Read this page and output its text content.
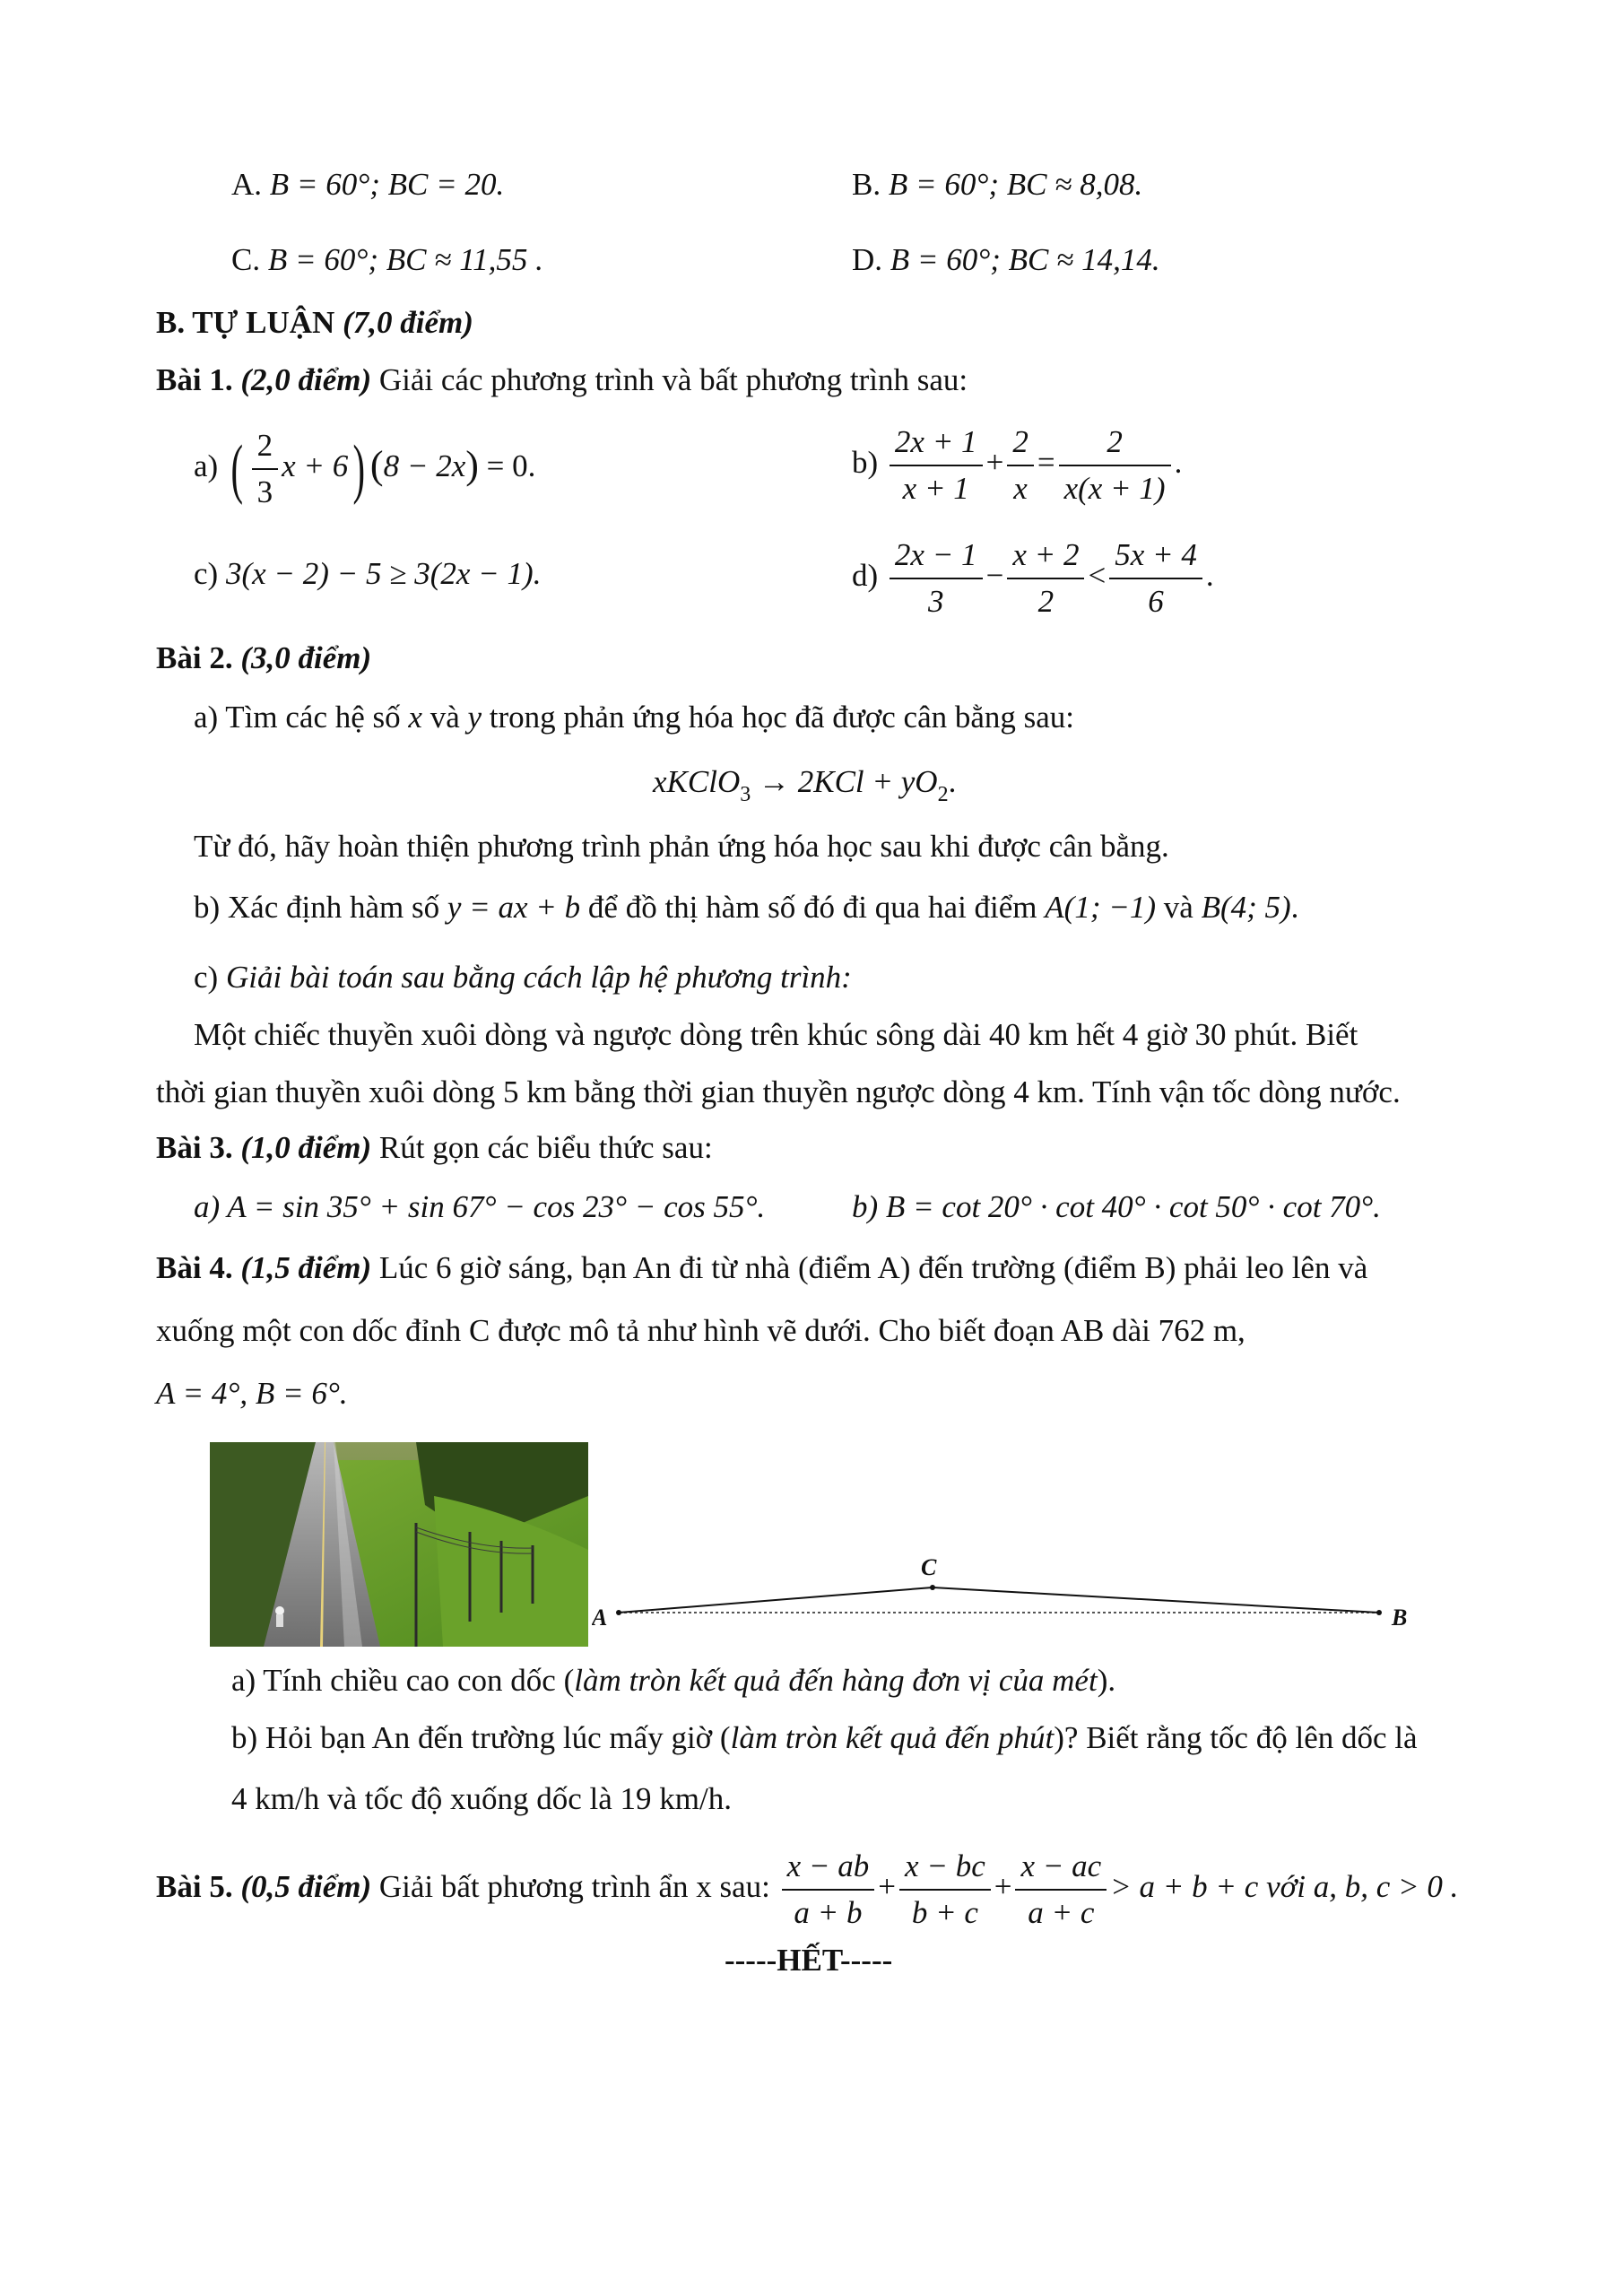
A. B = 60°; BC = 20.	B. B = 60°; BC ≈ 8,08.
C. B = 60°; BC ≈ 11,55 .	D. B = 60°; BC ≈ 14,14.
B. TỰ LUẬN (7,0 điểm)
Bài 1. (2,0 điểm) Giải các phương trình và bất phương trình sau:
a) ( $\frac{2}{3}$ x + 6) (8 − 2x) = 0.	$b) \frac{2x + 1}{x + 1} + \frac{2}{x} = \frac{2}{x(x + 1)}$ .
c) 3(x − 2) − 5 ≥ 3(2x − 1).	$d) \frac{2x - 1}{3} - \frac{x + 2}{2} < \frac{5x + 4}{6}$ .
Bài 2. (3,0 điểm)
a) Tìm các hệ số x và y trong phản ứng hóa học đã được cân bằng sau:
xKClO$_3$ → $2KCl + yO_2$.
Từ đó, hãy hoàn thiện phương trình phản ứng hóa học sau khi được cân bằng.
b) Xác định hàm số y = ax + b để đồ thị hàm số đó đi qua hai điểm A(1; −1) và B(4; 5).
c) Giải bài toán sau bằng cách lập hệ phương trình:
Một chiếc thuyền xuôi dòng và ngược dòng trên khúc sông dài 40 km hết 4 giờ 30 phút. Biết
thời gian thuyền xuôi dòng 5 km bằng thời gian thuyền ngược dòng 4 km. Tính vận tốc dòng nước.
Bài 3. (1,0 điểm) Rút gọn các biểu thức sau:
a) A = sin 35° + sin 67° − cos 23° − cos 55°.	b) B = cot 20° · cot 40° · cot 50° · cot 70°.
Bài 4. (1,5 điểm) Lúc 6 giờ sáng, bạn An đi từ nhà (điểm A) đến trường (điểm B) phải leo lên và
xuống một con dốc đỉnh C được mô tả như hình vẽ dưới. Cho biết đoạn AB dài 762 m,
A = 4°, B = 6°.
A	B
C
a) Tính chiều cao con dốc (làm tròn kết quả đến hàng đơn vị của mét).
b) Hỏi bạn An đến trường lúc mấy giờ (làm tròn kết quả đến phút)? Biết rằng tốc độ lên dốc là
4 km/h và tốc độ xuống dốc là 19 km/h.
Bài 5. (0,5 điểm) Giải bất phương trình ẩn x sau: $\frac{x - ab}{a + b} + \frac{x - bc}{b + c} + \frac{x - ac}{a + c} > a + b + c$ với a, b, c > 0 .
-----HẾT-----
